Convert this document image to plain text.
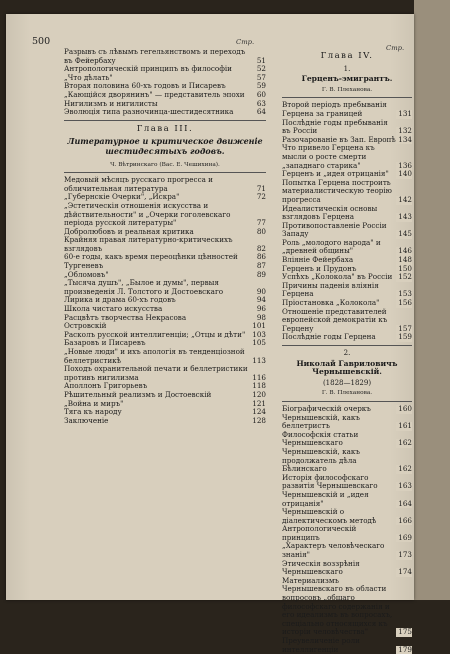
500	Стр.
Стр.
Разрывъ съ лѣвымъ гегельянствомъ и переходъ въ Фейербаху	51
Антропологическiй принципъ въ философiи	52
„Что дѣлать"	57
Вторая половина 60-хъ годовъ и Писаревъ	59
„Кающiйся дворянинъ" — представитель эпохи	60
Нигилизмъ и нигилисты	63
Эволюцiя типа разночинца-шестидесятника	64
Глава III.
Литературное и критическое движенiе шестидесятыхъ годовъ.
Ч. Вѣтринскаго (Вас. Е. Чешихина).
Медовый мѣсяцъ русскаго прогресса и обличительная литература	71
„Губернскiе Очерки", „Искра"	72
„Эстетическiя отношенiя искусства и дѣйствительности" и „Очерки гоголевскаго перiода русской литературы"	77
Добролюбовъ и реальная критика	80
Крайняя правая литературно-критическихъ взглядовъ	82
60-е годы, какъ время переоцѣнки цѣнностей	86
Тургеневъ	87
„Обломовъ"	89
„Тысяча душъ", „Былое и думы", первыя произведенiя Л. Толстого и Достоевскаго	90
Лирика и драма 60-хъ годовъ	94
Школа чистаго искусства	96
Расцвѣтъ творчества Некрасова	98
Островскiй	101
Расколъ русской интеллигенцiи; „Отцы и дѣти" 103
Базаровъ и Писаревъ	105
„Новые люди" и ихъ апологiя въ тенденцiозной беллетристикѣ	113
Походъ охранительной печати и беллетристики противъ нигилизма	116
Аполлонъ Григорьевъ	118
Рѣшительный реализмъ и Достоевскiй	120
„Война и миръ"	121
Тяга къ народу	124
Заключенiе	128
Глава IV.
1.
Герценъ-эмигрантъ.
Г. В. Плеханова.
Второй перiодъ пребыванiя Герцена за границей	131
Послѣднiе годы пребыванiя въ Россiи	132
Разочарованiе въ Зап. Европѣ 134
Что привело Герцена къ мысли о росте смерти „западнаго старика"	136
Герценъ и „идея отрицанiя"	140
Попытка Герцена построить материалистическую теорiю прогресса	142
Идеалистическiя основы взглядовъ Герцена	143
Противопоставленiе Россiи Западу	145
Роль „молодого народа" и „древней общины"	146
Влiянiе Фейербаха	148
Герценъ и Прудонъ	150
Успѣхъ „Колокола" въ Россiи 152
Причины паденiя влiянiя Герцена	153
Прiостановка „Колокола"	156
Отношенiе представителей европейской демократiи къ Герцену	157
Послѣднiе годы Герцена	159
2.
Николай Гавриловичъ Чернышевскiй.
(1828—1829)
Г. В. Плеханова.
Бiографическiй очеркъ	160
Чернышевскiй, какъ беллетристъ	161
Философскiя статьи Чернышевскаго	162
Чернышевскiй, какъ продолжатель дѣла Бѣлинскаго	162
Исторiя философскаго развитiя Чернышевскаго	163
Чернышевскiй и „идея отрицанiя"	164
Чернышевскiй о дiалектическомъ методѣ	166
Антропологическiй принципъ	169
„Характеръ человѣческаго знанiя"	173
Этическiя воззрѣнiя Чернышевскаго	174
Материализмъ Чернышевскаго въ области вопросовъ „общаго философскаго содержанiя и его идеализмъ въ вопросахъ, спецiально относящихся къ исторiи человѣчества"	175
Преувеличенiе роли интеллигенцiи	179
